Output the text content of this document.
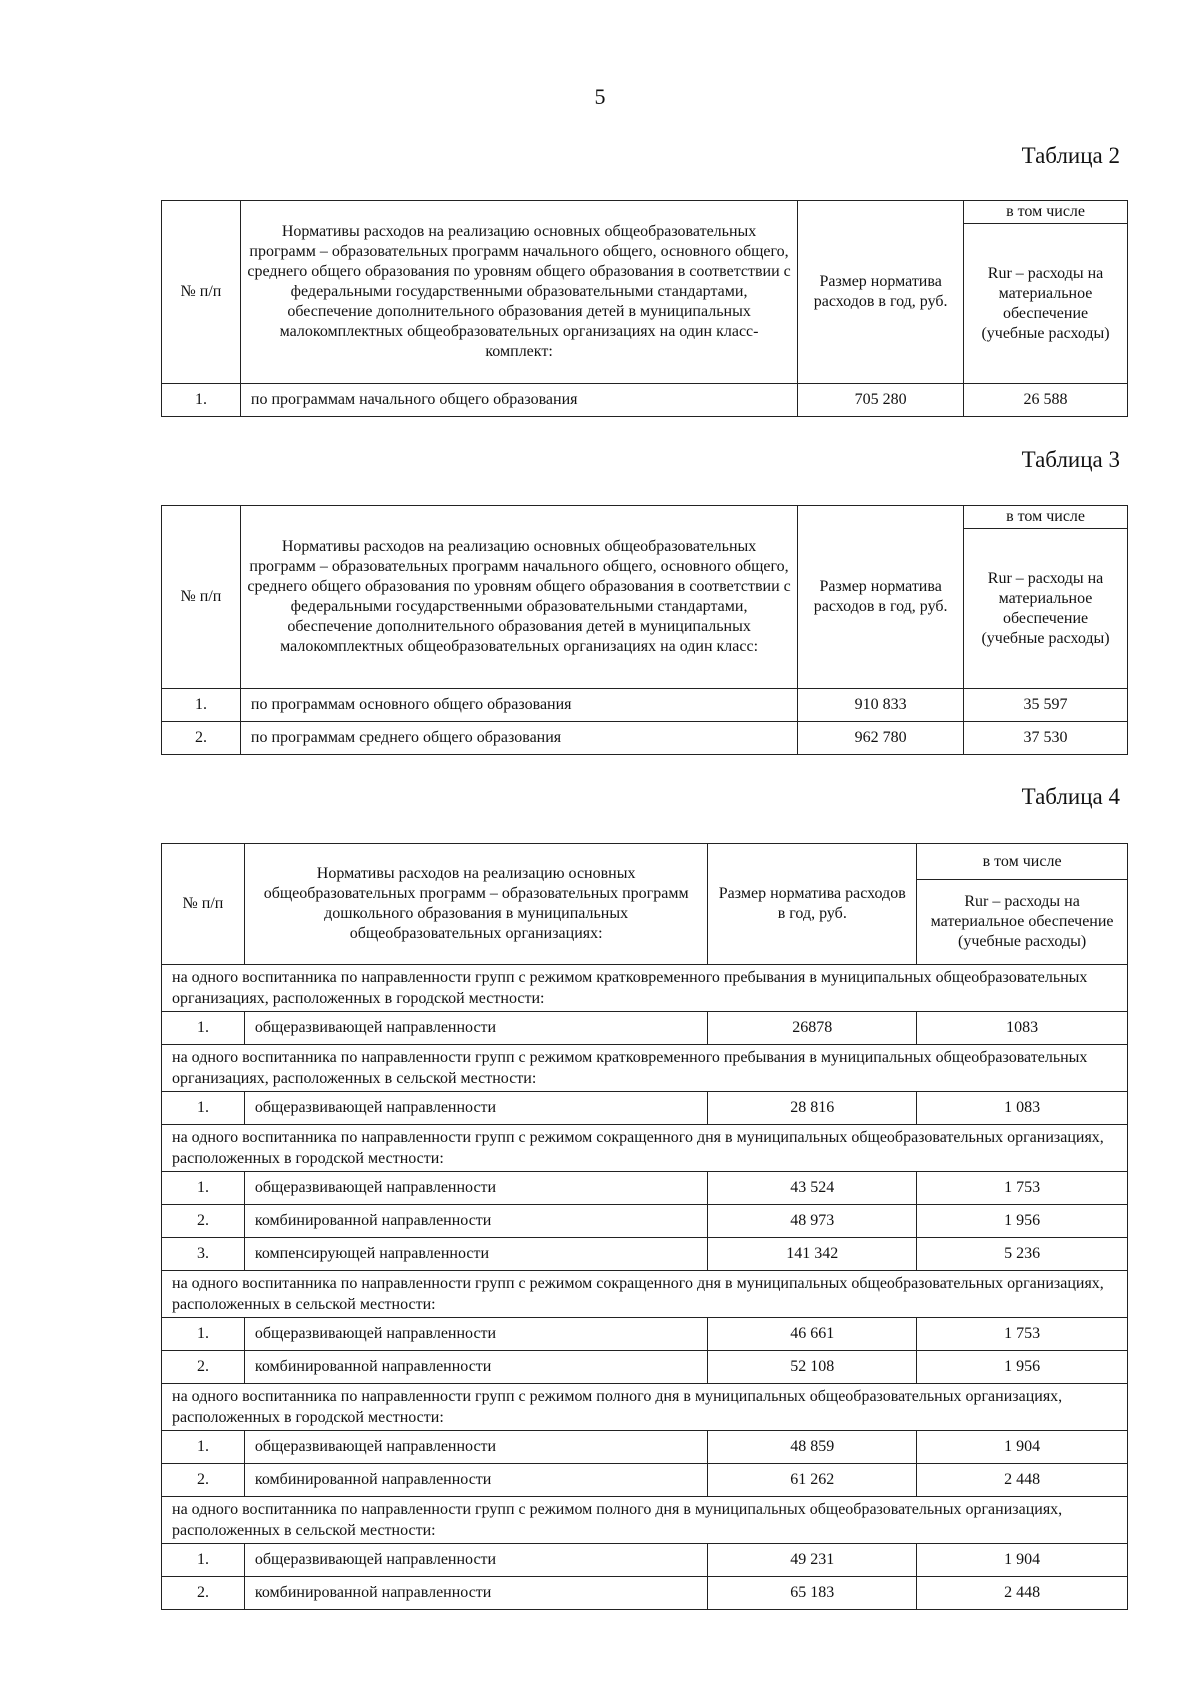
5
Таблица 2
№ п/п	Нормативы расходов на реализацию основных общеобразовательных программ – образовательных программ начального общего, основного общего, среднего общего образования по уровням общего образования в соответствии с федеральными государственными образовательными стандартами, обеспечение дополнительного образования детей в муниципальных малокомплектных общеобразовательных организациях на один класс-комплект:	Размер норматива расходов в год, руб.	в том числе
			Rur – расходы на материальное обеспечение (учебные расходы)
1.	по программам начального общего образования	705 280	26 588
Таблица 3
№ п/п	Нормативы расходов на реализацию основных общеобразовательных программ – образовательных программ начального общего, основного общего, среднего общего образования по уровням общего образования в соответствии с федеральными государственными образовательными стандартами, обеспечение дополнительного образования детей в муниципальных малокомплектных общеобразовательных организациях на один класс:	Размер норматива расходов в год, руб.	в том числе
			Rur – расходы на материальное обеспечение (учебные расходы)
1.	по программам основного общего образования	910 833	35 597
2.	по программам среднего общего образования	962 780	37 530
Таблица 4
№ п/п	Нормативы расходов на реализацию основных общеобразовательных программ – образовательных программ дошкольного образования в муниципальных общеобразовательных организациях:	Размер норматива расходов в год, руб.	в том числе
			Rur – расходы на материальное обеспечение (учебные расходы)
на одного воспитанника по направленности групп с режимом кратковременного пребывания в муниципальных общеобразовательных организациях, расположенных в городской местности:			
1.	общеразвивающей направленности	26878	1083
на одного воспитанника по направленности групп с режимом кратковременного пребывания в муниципальных общеобразовательных организациях, расположенных в сельской местности:			
1.	общеразвивающей направленности	28 816	1 083
на одного воспитанника по направленности групп с режимом сокращенного дня в муниципальных общеобразовательных организациях, расположенных в городской местности:			
1.	общеразвивающей направленности	43 524	1 753
2.	комбинированной направленности	48 973	1 956
3.	компенсирующей направленности	141 342	5 236
на одного воспитанника по направленности групп с режимом сокращенного дня в муниципальных общеобразовательных организациях, расположенных в сельской местности:			
1.	общеразвивающей направленности	46 661	1 753
2.	комбинированной направленности	52 108	1 956
на одного воспитанника по направленности групп с режимом полного дня в муниципальных общеобразовательных организациях, расположенных в городской местности:			
1.	общеразвивающей направленности	48 859	1 904
2.	комбинированной направленности	61 262	2 448
на одного воспитанника по направленности групп с режимом полного дня в муниципальных общеобразовательных организациях, расположенных в сельской местности:			
1.	общеразвивающей направленности	49 231	1 904
2.	комбинированной направленности	65 183	2 448
